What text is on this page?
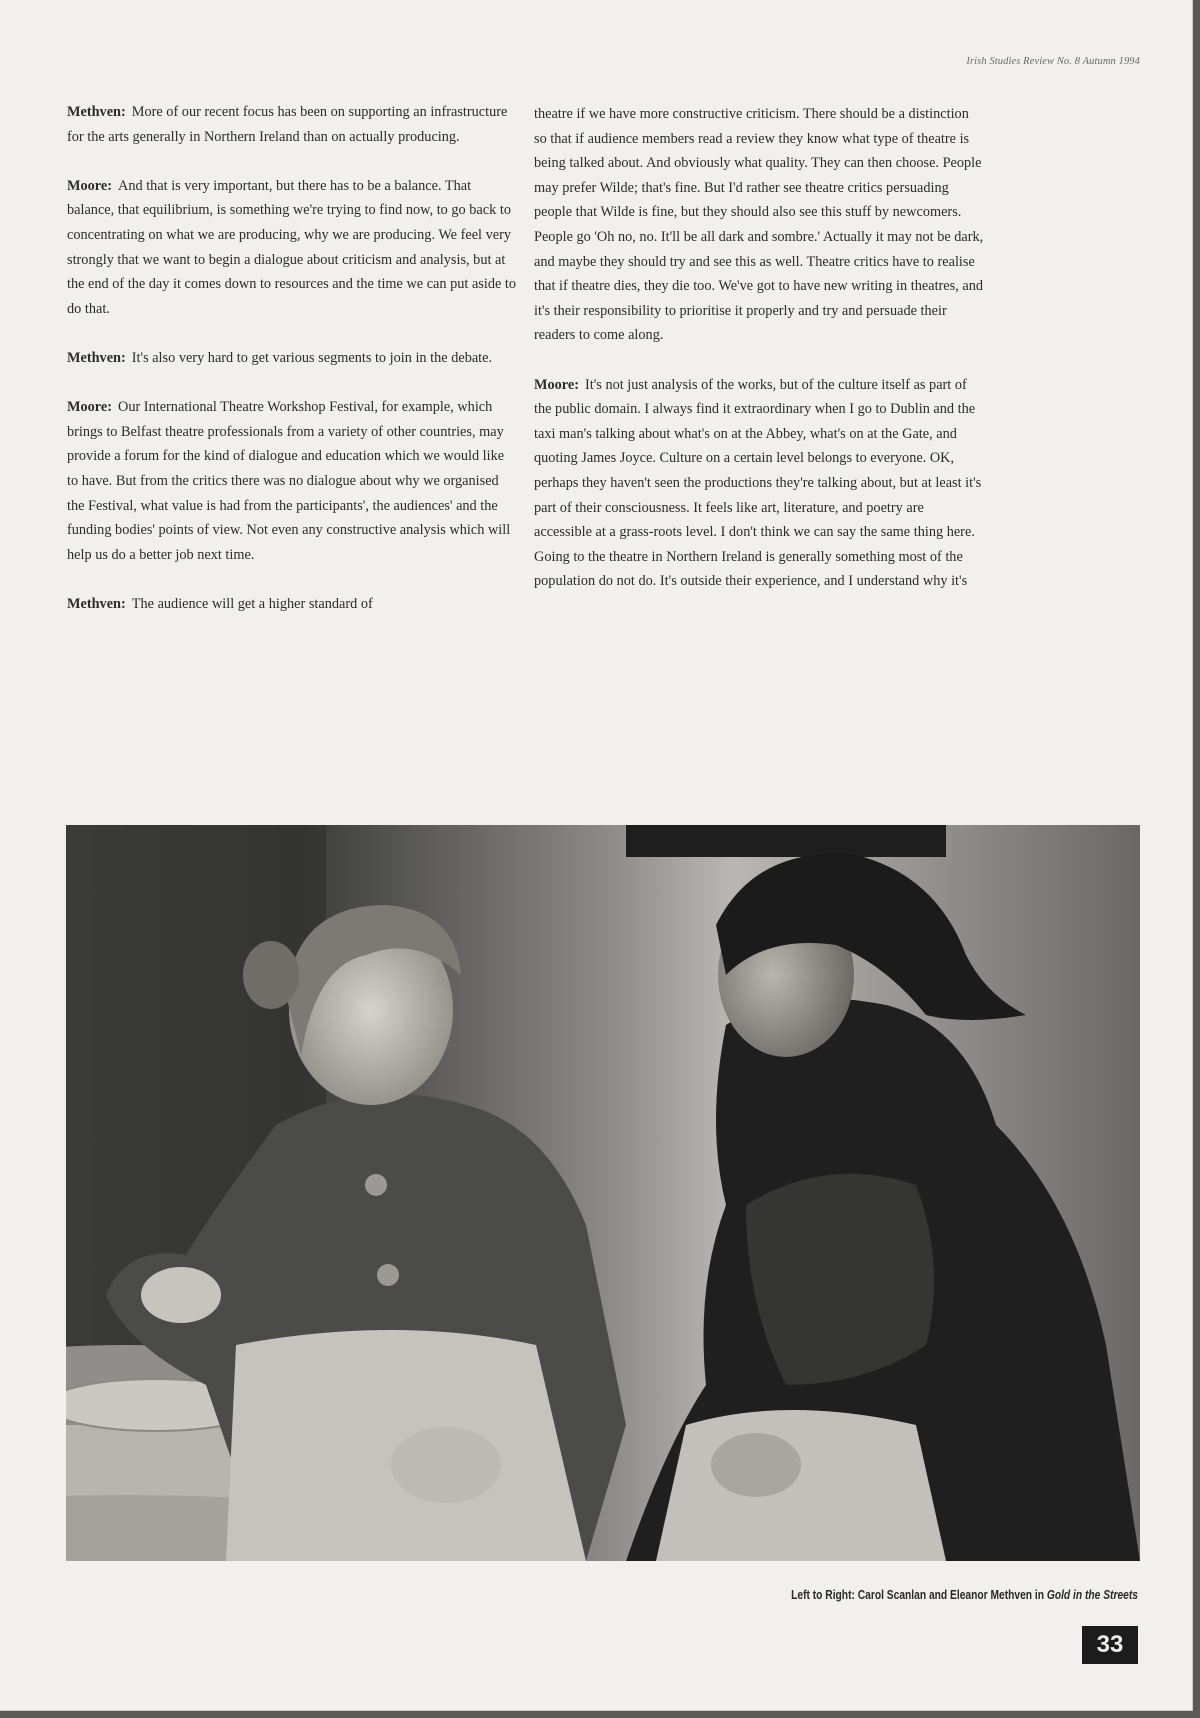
Irish Studies Review No. 8 Autumn 1994

Methven: More of our recent focus has been on supporting an infrastructure for the arts generally in Northern Ireland than on actually producing.

Moore: And that is very important, but there has to be a balance. That balance, that equilibrium, is something we're trying to find now, to go back to concentrating on what we are producing, why we are producing. We feel very strongly that we want to begin a dialogue about criticism and analysis, but at the end of the day it comes down to resources and the time we can put aside to do that.

Methven: It's also very hard to get various segments to join in the debate.

Moore: Our International Theatre Workshop Festival, for example, which brings to Belfast theatre professionals from a variety of other countries, may provide a forum for the kind of dialogue and education which we would like to have. But from the critics there was no dialogue about why we organised the Festival, what value is had from the participants', the audiences' and the funding bodies' points of view. Not even any constructive analysis which will help us do a better job next time.

Methven: The audience will get a higher standard of

theatre if we have more constructive criticism. There should be a distinction so that if audience members read a review they know what type of theatre is being talked about. And obviously what quality. They can then choose. People may prefer Wilde; that's fine. But I'd rather see theatre critics persuading people that Wilde is fine, but they should also see this stuff by newcomers. People go 'Oh no, no. It'll be all dark and sombre.' Actually it may not be dark, and maybe they should try and see this as well. Theatre critics have to realise that if theatre dies, they die too. We've got to have new writing in theatres, and it's their responsibility to prioritise it properly and try and persuade their readers to come along.

Moore: It's not just analysis of the works, but of the culture itself as part of the public domain. I always find it extraordinary when I go to Dublin and the taxi man's talking about what's on at the Abbey, what's on at the Gate, and quoting James Joyce. Culture on a certain level belongs to everyone. OK, perhaps they haven't seen the productions they're talking about, but at least it's part of their consciousness. It feels like art, literature, and poetry are accessible at a grass-roots level. I don't think we can say the same thing here. Going to the theatre in Northern Ireland is generally something most of the population do not do. It's outside their experience, and I understand why it's

Left to Right: Carol Scanlan and Eleanor Methven in Gold in the Streets
33
